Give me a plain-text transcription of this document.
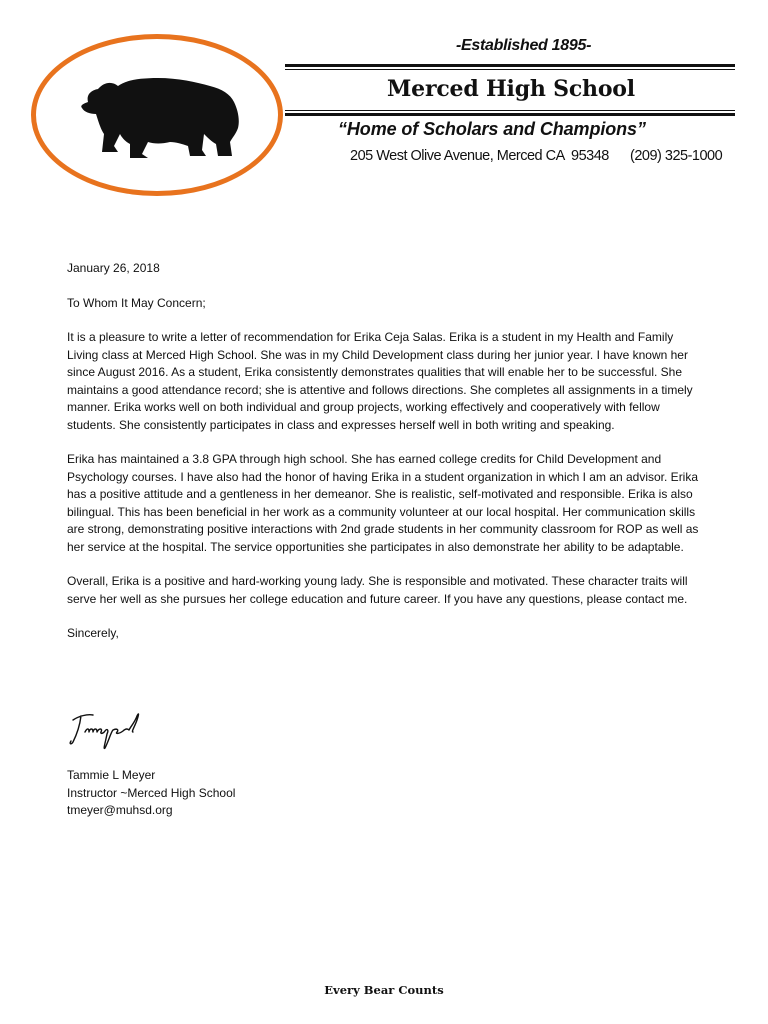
-Established 1895-
Merced High School
“Home of Scholars and Champions”
205 West Olive Avenue, Merced CA  95348      (209) 325-1000

January 26, 2018

To Whom It May Concern;

It is a pleasure to write a letter of recommendation for Erika Ceja Salas. Erika is a student in my Health and Family Living class at Merced High School. She was in my Child Development class during her junior year. I have known her since August 2016. As a student, Erika consistently demonstrates qualities that will enable her to be successful. She maintains a good attendance record; she is attentive and follows directions. She completes all assignments in a timely manner. Erika works well on both individual and group projects, working effectively and cooperatively with fellow students. She consistently participates in class and expresses herself well in both writing and speaking.

Erika has maintained a 3.8 GPA through high school. She has earned college credits for Child Development and Psychology courses. I have also had the honor of having Erika in a student organization in which I am an advisor. Erika has a positive attitude and a gentleness in her demeanor. She is realistic, self-motivated and responsible. Erika is also bilingual. This has been beneficial in her work as a community volunteer at our local hospital. Her communication skills are strong, demonstrating positive interactions with 2nd grade students in her community classroom for ROP as well as her service at the hospital. The service opportunities she participates in also demonstrate her ability to be adaptable.

Overall, Erika is a positive and hard-working young lady. She is responsible and motivated. These character traits will serve her well as she pursues her college education and future career. If you have any questions, please contact me.

Sincerely,

Tammie L Meyer
Instructor ~Merced High School
tmeyer@muhsd.org
Every Bear Counts
